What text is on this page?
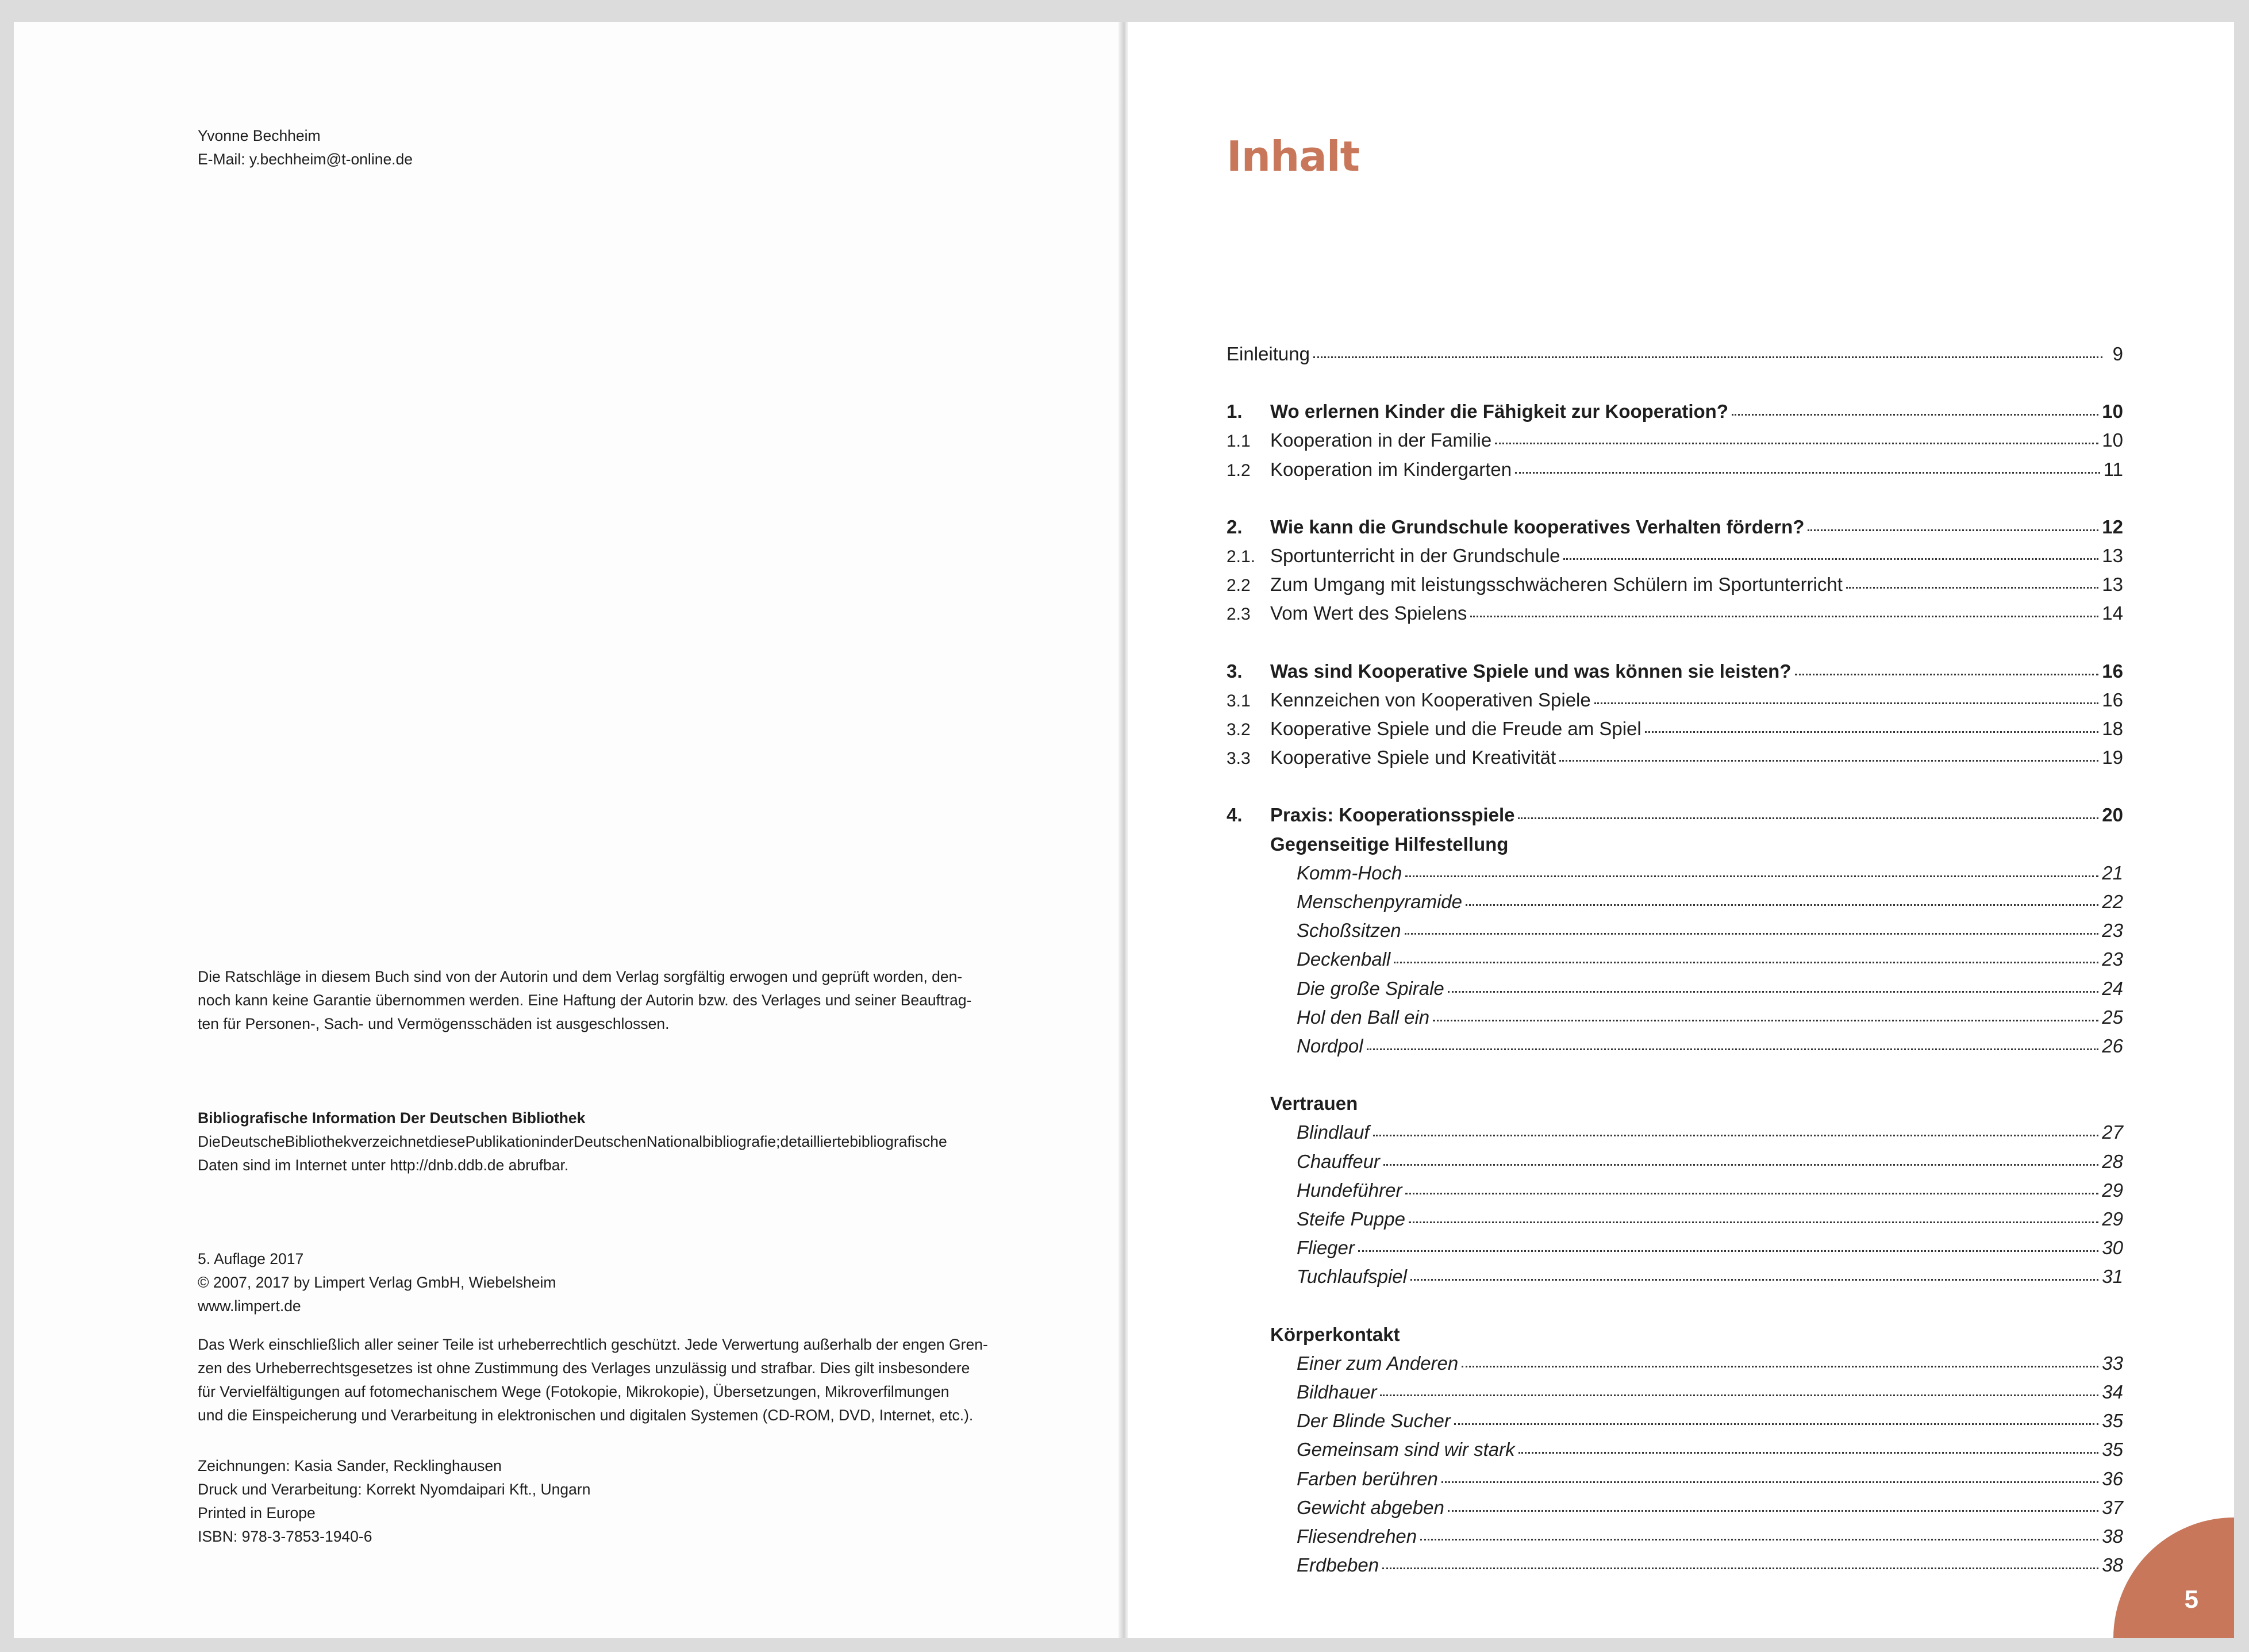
Yvonne Bechheim
E-Mail: y.bechheim@t-online.de
Die Ratschläge in diesem Buch sind von der Autorin und dem Verlag sorgfältig erwogen und geprüft worden, den-
noch kann keine Garantie übernommen werden. Eine Haftung der Autorin bzw. des Verlages und seiner Beauftrag-
ten für Personen-, Sach- und Vermögensschäden ist ausgeschlossen.
Bibliografische Information Der Deutschen Bibliothek
DieDeutscheBibliothekverzeichnetdiesePublikationinderDeutschenNationalbibliografie;detailliertebibliografische
Daten sind im Internet unter http://dnb.ddb.de abrufbar.
5. Auflage 2017
© 2007, 2017 by Limpert Verlag GmbH, Wiebelsheim
www.limpert.de
Das Werk einschließlich aller seiner Teile ist urheberrechtlich geschützt. Jede Verwertung außerhalb der engen Gren-
zen des Urheberrechtsgesetzes ist ohne Zustimmung des Verlages unzulässig und strafbar. Dies gilt insbesondere
für Vervielfältigungen auf fotomechanischem Wege (Fotokopie, Mikrokopie), Übersetzungen, Mikroverfilmungen
und die Einspeicherung und Verarbeitung in elektronischen und digitalen Systemen (CD-ROM, DVD, Internet, etc.).
Zeichnungen: Kasia Sander, Recklinghausen
Druck und Verarbeitung: Korrekt Nyomdaipari Kft., Ungarn
Printed in Europe
ISBN: 978-3-7853-1940-6
Inhalt
Einleitung	9
1.	Wo erlernen Kinder die Fähigkeit zur Kooperation?	10
1.1	Kooperation in der Familie	10
1.2	Kooperation im Kindergarten	11
2.	Wie kann die Grundschule kooperatives Verhalten fördern?	12
2.1. Sportunterricht in der Grundschule	13
2.2	Zum Umgang mit leistungsschwächeren Schülern im Sportunterricht	13
2.3	Vom Wert des Spielens	14
3.	Was sind Kooperative Spiele und was können sie leisten?	16
3.1	Kennzeichen von Kooperativen Spiele	16
3.2	Kooperative Spiele und die Freude am Spiel	18
3.3	Kooperative Spiele und Kreativität	19
4.	Praxis: Kooperationsspiele	20
Gegenseitige Hilfestellung
Komm-Hoch	21
Menschenpyramide	22
Schoßsitzen	23
Deckenball	23
Die große Spirale	24
Hol den Ball ein	25
Nordpol	26
Vertrauen
Blindlauf	27
Chauffeur	28
Hundeführer	29
Steife Puppe	29
Flieger	30
Tuchlaufspiel	31
Körperkontakt
Einer zum Anderen	33
Bildhauer	34
Der Blinde Sucher	35
Gemeinsam sind wir stark	35
Farben berühren	36
Gewicht abgeben	37
Fliesendrehen	38
Erdbeben	38
5
